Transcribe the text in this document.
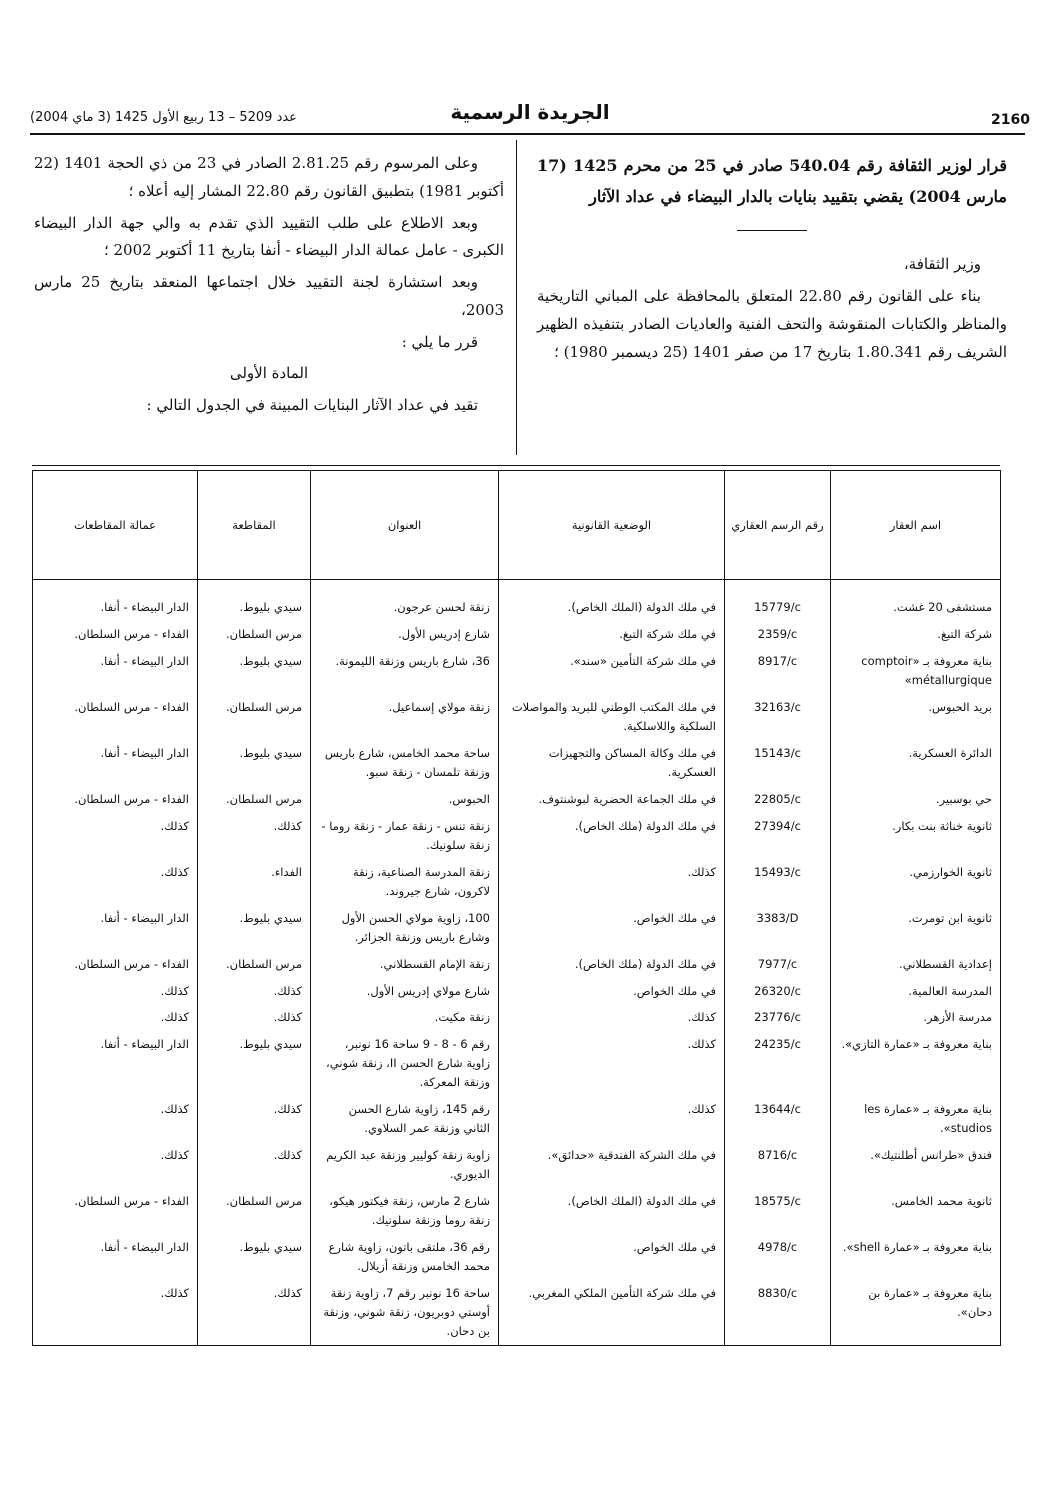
2160
الجريدة الرسمية
عدد 5209 – 13 ربيع الأول 1425 (3 ماي 2004)

قرار لوزير الثقافة رقم 540.04 صادر في 25 من محرم 1425 (17 مارس 2004) يقضي بتقييد بنايات بالدار البيضاء في عداد الآثار

وزير الثقافة،

بناء على القانون رقم 22.80 المتعلق بالمحافظة على المباني التاريخية والمناظر والكتابات المنقوشة والتحف الفنية والعاديات الصادر بتنفيذه الظهير الشريف رقم 1.80.341 بتاريخ 17 من صفر 1401 (25 ديسمبر 1980) ؛

وعلى المرسوم رقم 2.81.25 الصادر في 23 من ذي الحجة 1401 (22 أكتوبر 1981) بتطبيق القانون رقم 22.80 المشار إليه أعلاه ؛

وبعد الاطلاع على طلب التقييد الذي تقدم به والي جهة الدار البيضاء الكبرى - عامل عمالة الدار البيضاء - أنفا بتاريخ 11 أكتوبر 2002 ؛

وبعد استشارة لجنة التقييد خلال اجتماعها المنعقد بتاريخ 25 مارس 2003،

قرر ما يلي :

المادة الأولى

تقيد في عداد الآثار البنايات المبينة في الجدول التالي :

اسم العقار	رقم الرسم العقاري	الوضعية القانونية	العنوان	المقاطعة	عمالة المقاطعات
مستشفى 20 غشت.	15779/c	في ملك الدولة (الملك الخاص).	زنقة لحسن عرجون.	سيدي بليوط.	الدار البيضاء - أنفا.
شركة التبغ.	2359/c	في ملك شركة التبغ.	شارع إدريس الأول.	مرس السلطان.	الفداء - مرس السلطان.
بناية معروفة بـ «comptoir métallurgique»	8917/c	في ملك شركة التأمين «سند».	36، شارع باريس وزنقة الليمونة.	سيدي بليوط.	الدار البيضاء - أنفا.
بريد الحبوس.	32163/c	في ملك المكتب الوطني للبريد والمواصلات السلكية واللاسلكية.	زنقة مولاي إسماعيل.	مرس السلطان.	الفداء - مرس السلطان.
الدائرة العسكرية.	15143/c	في ملك وكالة المساكن والتجهيزات العسكرية.	ساحة محمد الخامس، شارع باريس وزنقة تلمسان - زنقة سبو.	سيدي بليوط.	الدار البيضاء - أنفا.
حي بوسبير.	22805/c	في ملك الجماعة الحضرية لبوشنتوف.	الحبوس.	مرس السلطان.	الفداء - مرس السلطان.
ثانوية خناثة بنت بكار.	27394/c	في ملك الدولة (ملك الخاص).	زنقة تنس - زنقة عمار - زنقة روما - زنقة سلونيك.	كذلك.	كذلك.
ثانوية الخوارزمي.	15493/c	كذلك.	زنقة المدرسة الصناعية، زنقة لاكرون، شارع جيروند.	الفداء.	كذلك.
ثانوية ابن تومرت.	3383/D	في ملك الخواص.	100، زاوية مولاي الحسن الأول وشارع باريس وزنقة الجزائر.	سيدي بليوط.	الدار البيضاء - أنفا.
إعدادية القسطلاني.	7977/c	في ملك الدولة (ملك الخاص).	زنقة الإمام القسطلاني.	مرس السلطان.	الفداء - مرس السلطان.
المدرسة العالمية.	26320/c	في ملك الخواص.	شارع مولاي إدريس الأول.	كذلك.	كذلك.
مدرسة الأزهر.	23776/c	كذلك.	زنقة مكيت.	كذلك.	كذلك.
بناية معروفة بـ «عمارة التازي».	24235/c	كذلك.	رقم 6 - 8 - 9 ساحة 16 نونبر، زاوية شارع الحسن II، زنقة شوني، وزنقة المعركة.	سيدي بليوط.	الدار البيضاء - أنفا.
بناية معروفة بـ «عمارة les studios».	13644/c	كذلك.	رقم 145، زاوية شارع الحسن الثاني وزنقة عمر السلاوي.	كذلك.	كذلك.
فندق «طرانس أطلنتيك».	8716/c	في ملك الشركة الفندقية «حدائق».	زاوية زنقة كوليير وزنقة عبد الكريم الديوري.	كذلك.	كذلك.
ثانوية محمد الخامس.	18575/c	في ملك الدولة (الملك الخاص).	شارع 2 مارس، زنقة فيكتور هيكو، زنقة روما وزنقة سلونيك.	مرس السلطان.	الفداء - مرس السلطان.
بناية معروفة بـ «عمارة shell».	4978/c	في ملك الخواص.	رقم 36، ملتقى باتون، زاوية شارع محمد الخامس وزنقة أزيلال.	سيدي بليوط.	الدار البيضاء - أنفا.
بناية معروفة بـ «عمارة بن دحان».	8830/c	في ملك شركة التأمين الملكي المغربي.	ساحة 16 نونبر رقم 7، زاوية زنقة أوستي دوبريون، زنقة شوني، وزنقة بن دحان.	كذلك.	كذلك.
